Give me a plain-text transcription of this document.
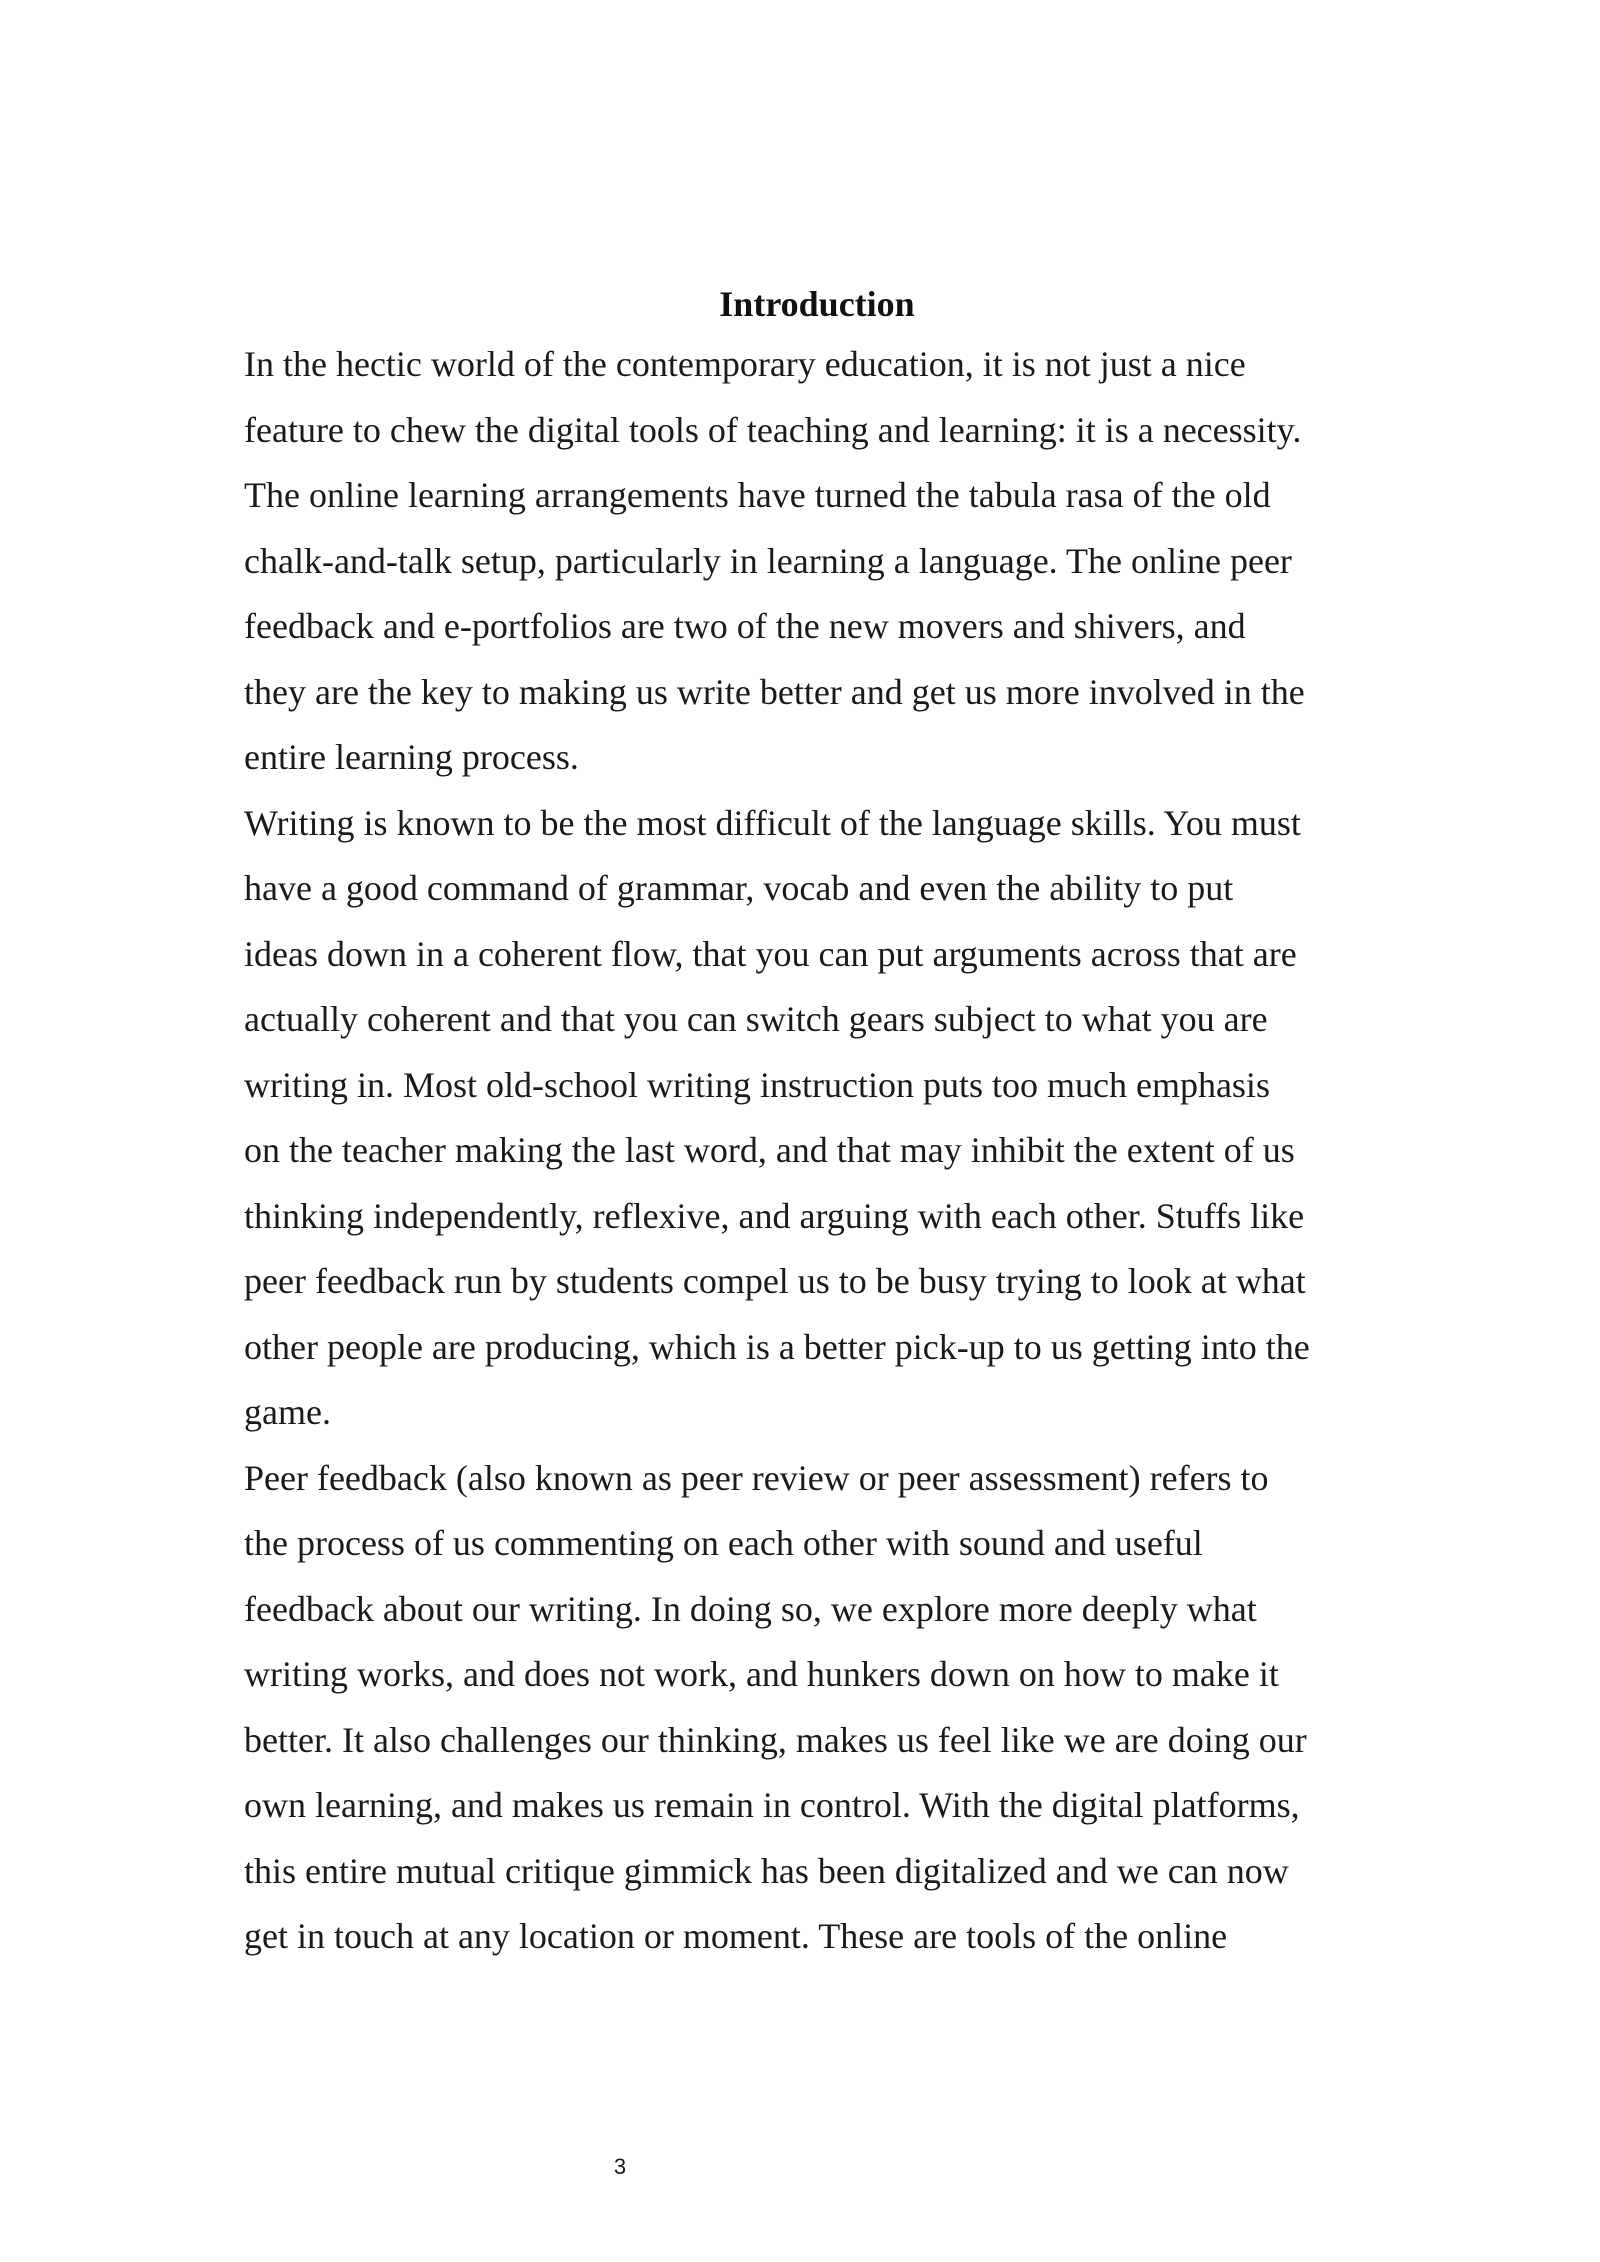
Introduction

In the hectic world of the contemporary education, it is not just a nice

feature to chew the digital tools of teaching and learning: it is a necessity.

The online learning arrangements have turned the tabula rasa of the old

chalk-and-talk setup, particularly in learning a language. The online peer

feedback and e-portfolios are two of the new movers and shivers, and

they are the key to making us write better and get us more involved in the

entire learning process.

Writing is known to be the most difficult of the language skills. You must

have a good command of grammar, vocab and even the ability to put

ideas down in a coherent flow, that you can put arguments across that are

actually coherent and that you can switch gears subject to what you are

writing in. Most old-school writing instruction puts too much emphasis

on the teacher making the last word, and that may inhibit the extent of us

thinking independently, reflexive, and arguing with each other. Stuffs like

peer feedback run by students compel us to be busy trying to look at what

other people are producing, which is a better pick-up to us getting into the

game.

Peer feedback (also known as peer review or peer assessment) refers to

the process of us commenting on each other with sound and useful

feedback about our writing. In doing so, we explore more deeply what

writing works, and does not work, and hunkers down on how to make it

better. It also challenges our thinking, makes us feel like we are doing our

own learning, and makes us remain in control. With the digital platforms,

this entire mutual critique gimmick has been digitalized and we can now

get in touch at any location or moment. These are tools of the online

3
